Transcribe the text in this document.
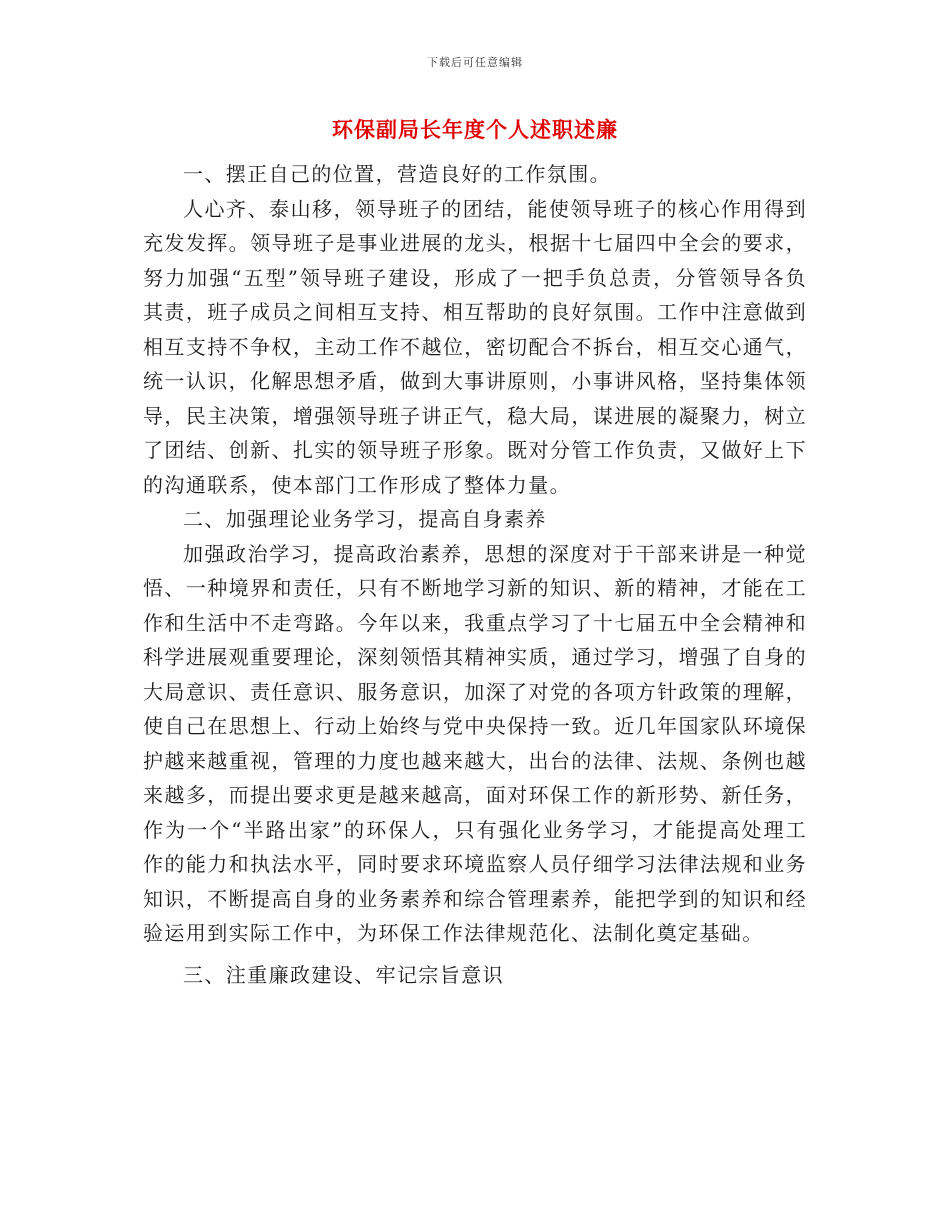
下载后可任意编辑
环保副局长年度个人述职述廉

一、摆正自己的位置，营造良好的工作氛围。

人心齐、泰山移，领导班子的团结，能使领导班子的核心作用得到充发发挥。领导班子是事业进展的龙头，根据十七届四中全会的要求，努力加强“五型”领导班子建设，形成了一把手负总责，分管领导各负其责，班子成员之间相互支持、相互帮助的良好氛围。工作中注意做到相互支持不争权，主动工作不越位，密切配合不拆台，相互交心通气，统一认识，化解思想矛盾，做到大事讲原则，小事讲风格，坚持集体领导，民主决策，增强领导班子讲正气，稳大局，谋进展的凝聚力，树立了团结、创新、扎实的领导班子形象。既对分管工作负责，又做好上下的沟通联系，使本部门工作形成了整体力量。

二、加强理论业务学习，提高自身素养

加强政治学习，提高政治素养，思想的深度对于干部来讲是一种觉悟、一种境界和责任，只有不断地学习新的知识、新的精神，才能在工作和生活中不走弯路。今年以来，我重点学习了十七届五中全会精神和科学进展观重要理论，深刻领悟其精神实质，通过学习，增强了自身的大局意识、责任意识、服务意识，加深了对党的各项方针政策的理解，使自己在思想上、行动上始终与党中央保持一致。近几年国家队环境保护越来越重视，管理的力度也越来越大，出台的法律、法规、条例也越来越多，而提出要求更是越来越高，面对环保工作的新形势、新任务，作为一个“半路出家”的环保人，只有强化业务学习，才能提高处理工作的能力和执法水平，同时要求环境监察人员仔细学习法律法规和业务知识，不断提高自身的业务素养和综合管理素养，能把学到的知识和经验运用到实际工作中，为环保工作法律规范化、法制化奠定基础。

三、注重廉政建设、牢记宗旨意识
